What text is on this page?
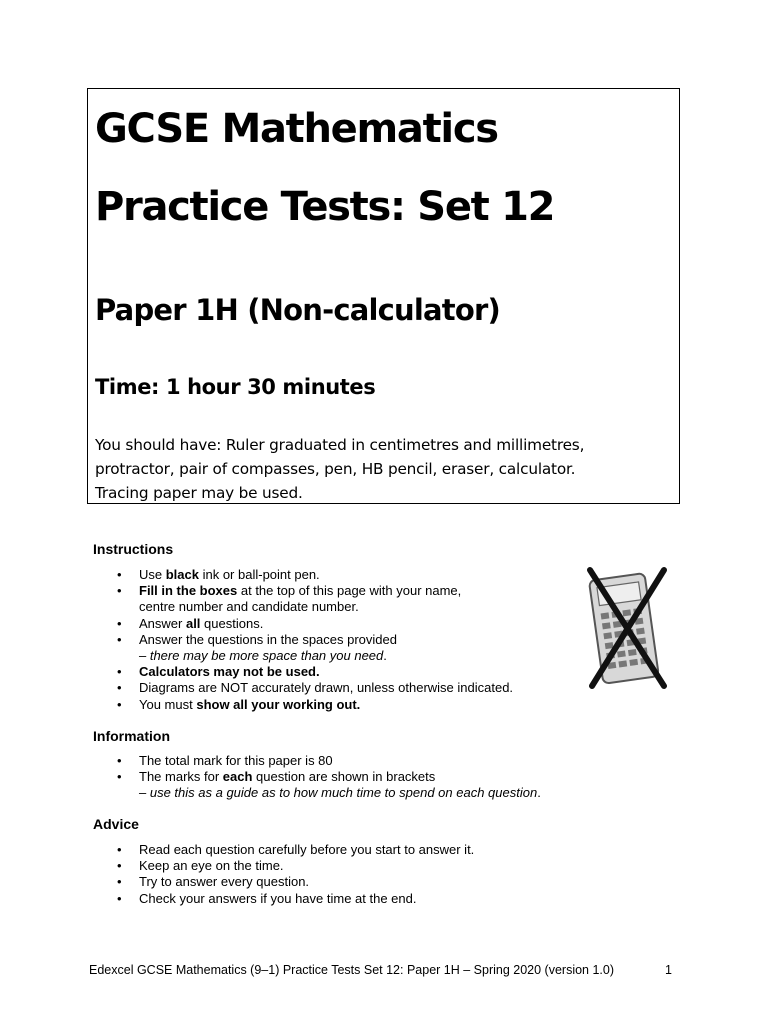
GCSE Mathematics
Practice Tests: Set 12
Paper 1H (Non-calculator)
Time: 1 hour 30 minutes
You should have: Ruler graduated in centimetres and millimetres,
protractor, pair of compasses, pen, HB pencil, eraser, calculator.
Tracing paper may be used.
Instructions
• Use black ink or ball-point pen.
• Fill in the boxes at the top of this page with your name,
centre number and candidate number.
• Answer all questions.
• Answer the questions in the spaces provided
– there may be more space than you need.
• Calculators may not be used.
• Diagrams are NOT accurately drawn, unless otherwise indicated.
• You must show all your working out.
Information
• The total mark for this paper is 80
• The marks for each question are shown in brackets
– use this as a guide as to how much time to spend on each question.
Advice
• Read each question carefully before you start to answer it.
• Keep an eye on the time.
• Try to answer every question.
• Check your answers if you have time at the end.
Edexcel GCSE Mathematics (9–1) Practice Tests Set 12: Paper 1H – Spring 2020 (version 1.0)	1
